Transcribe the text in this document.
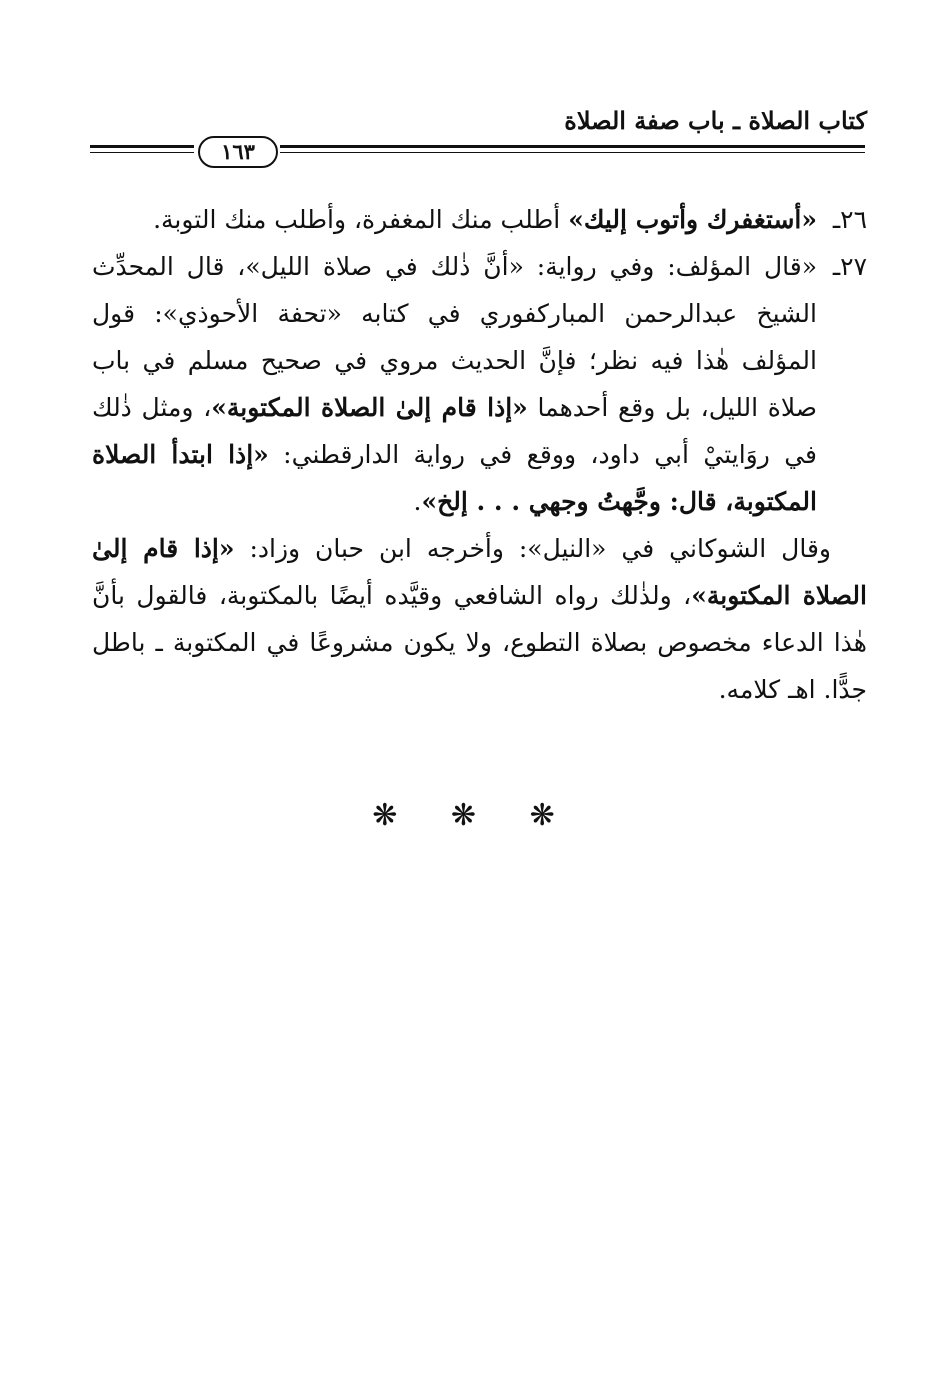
كتاب الصلاة ـ باب صفة الصلاة
١٦٣

٢٦ـ
«أستغفرك وأتوب إليك» أطلب منك المغفرة، وأطلب منك التوبة.

٢٧ـ
«قال المؤلف: وفي رواية: «أنَّ ذٰلك في صلاة الليل»، قال المحدِّث الشيخ عبدالرحمن المباركفوري في كتابه «تحفة الأحوذي»: قول المؤلف هٰذا فيه نظر؛ فإنَّ الحديث مروي في صحيح مسلم في باب صلاة الليل، بل وقع أحدهما «إذا قام إلىٰ الصلاة المكتوبة»، ومثل ذٰلك في روَايتيْ أبي داود، ووقع في رواية الدارقطني: «إذا ابتدأ الصلاة المكتوبة، قال: وجَّهتُ وجهي . . . إلخ».

وقال الشوكاني في «النيل»: وأخرجه ابن حبان وزاد: «إذا قام إلىٰ الصلاة المكتوبة»، ولذٰلك رواه الشافعي وقيَّده أيضًا بالمكتوبة، فالقول بأنَّ هٰذا الدعاء مخصوص بصلاة التطوع، ولا يكون مشروعًا في المكتوبة ـ باطل جدًّا. اهـ كلامه.

❋ ❋ ❋
